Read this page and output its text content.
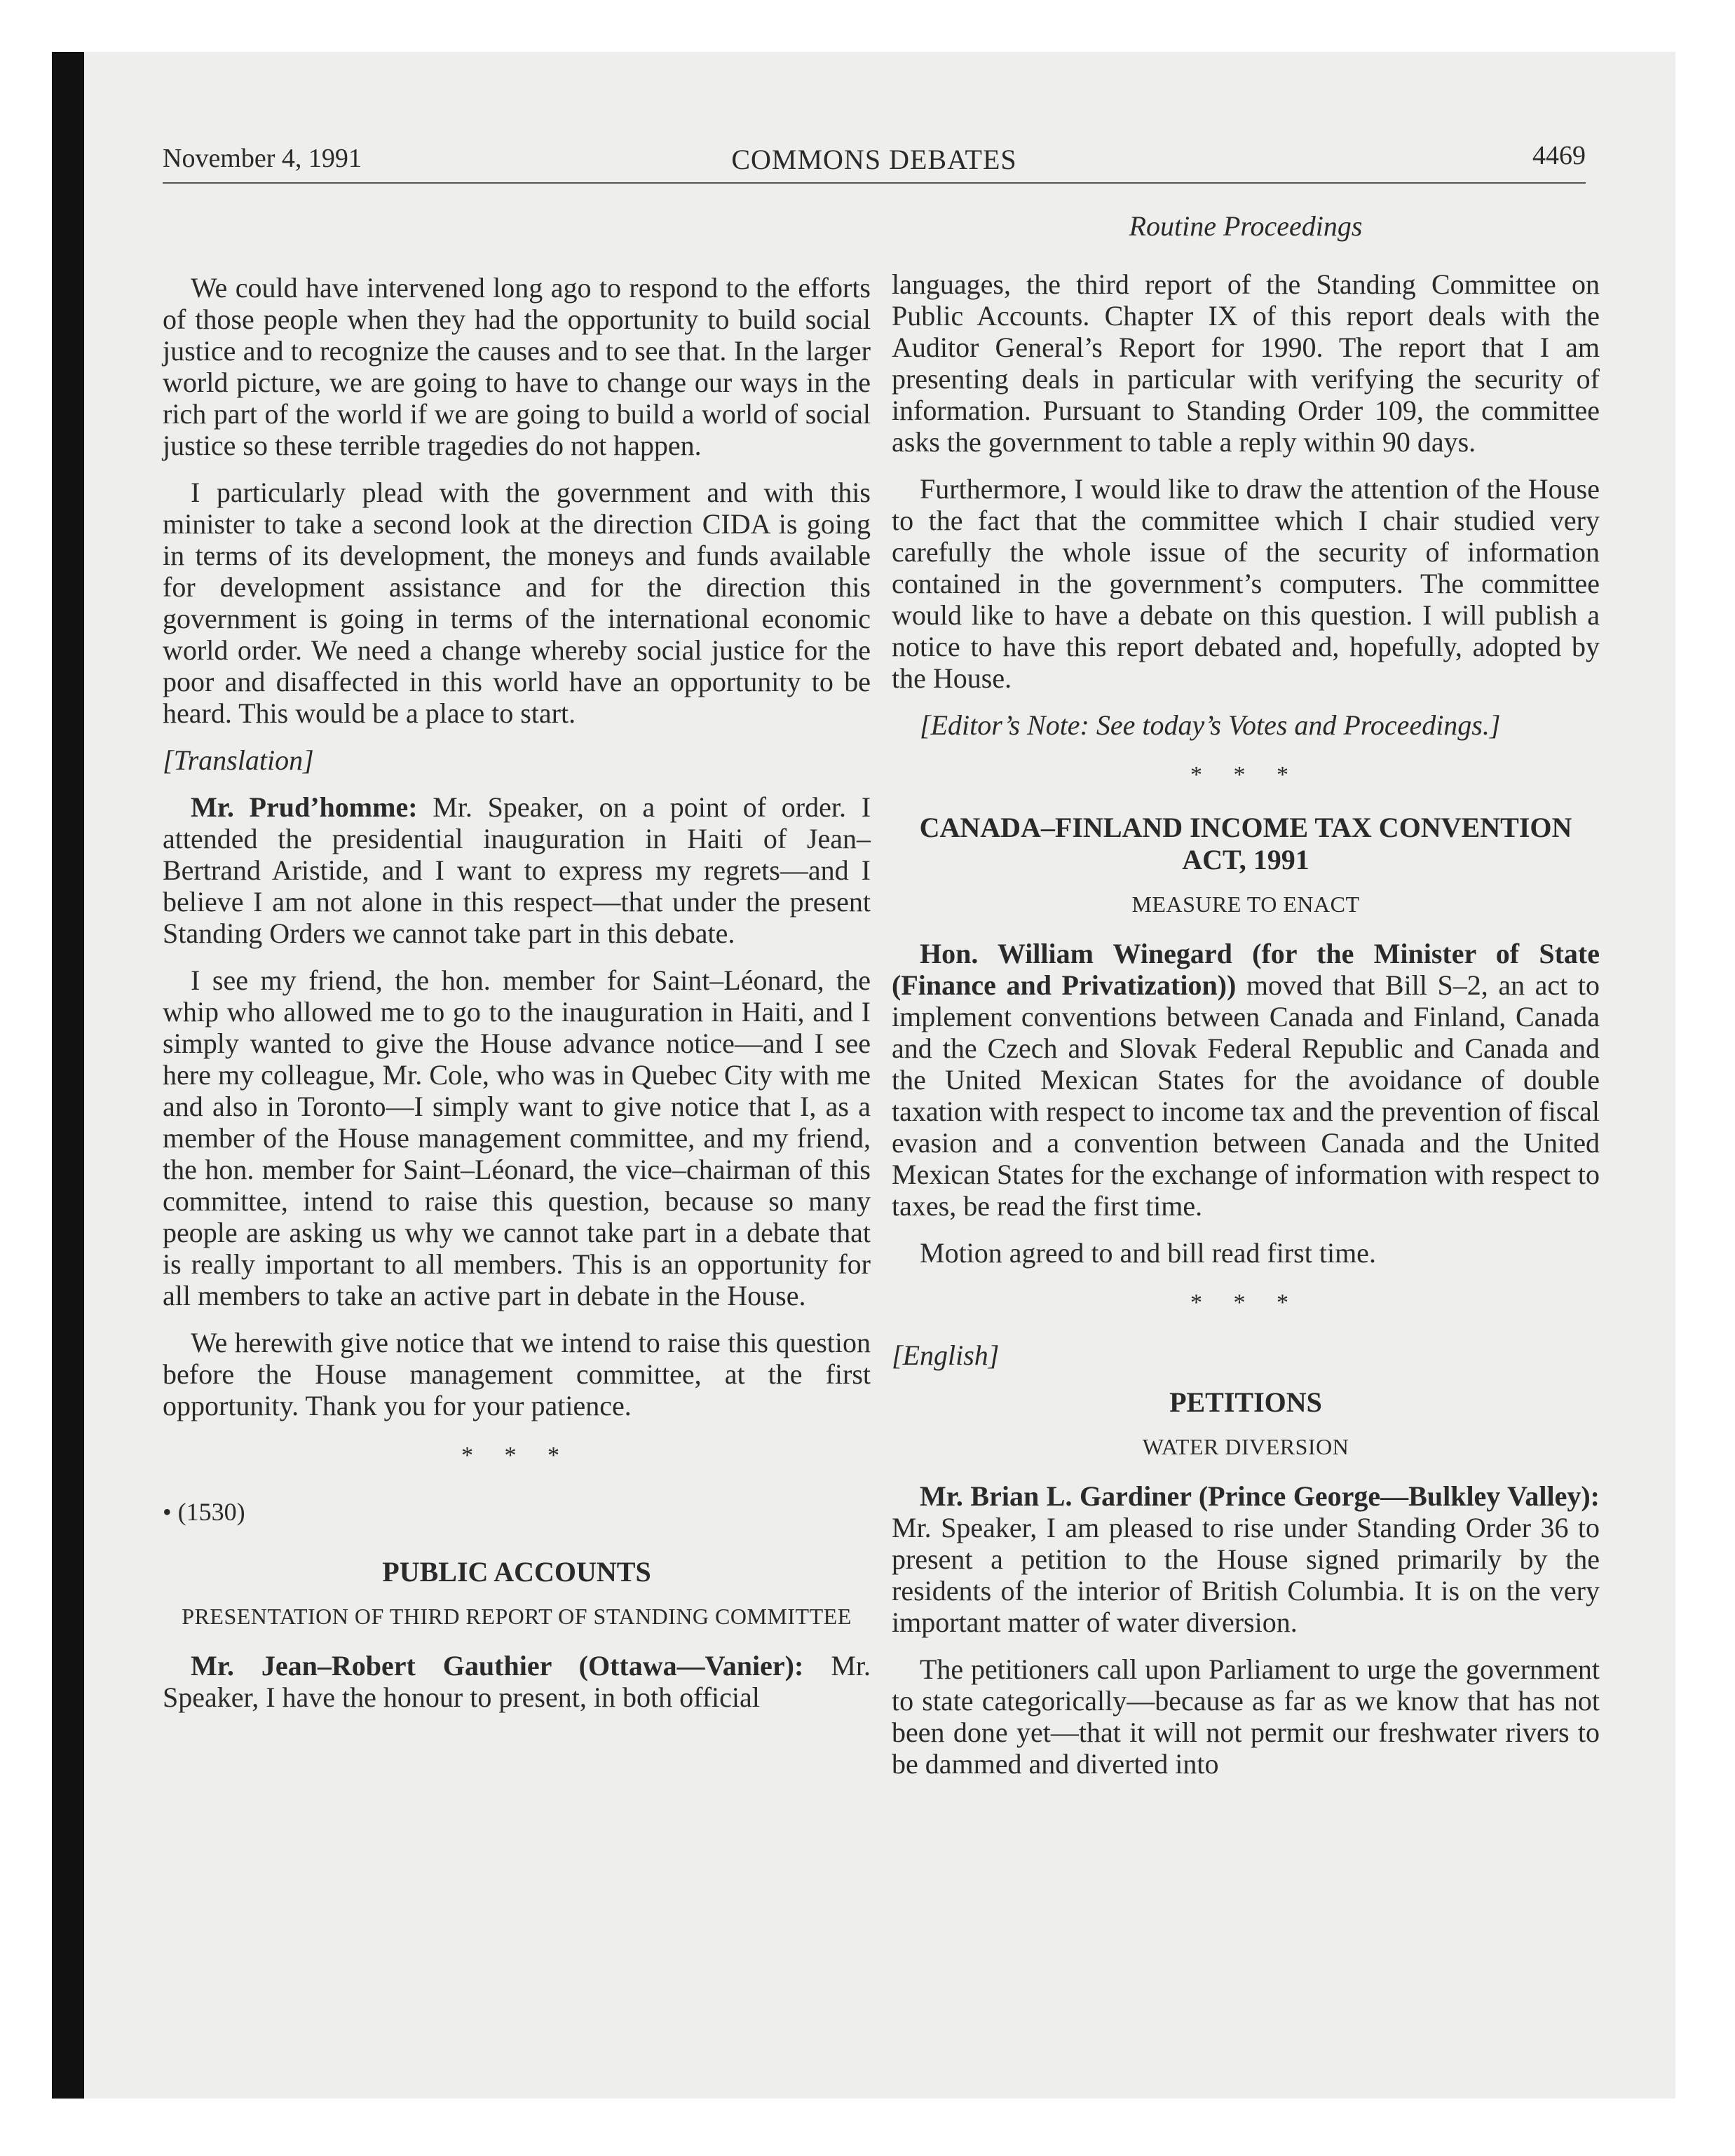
November 4, 1991	COMMONS DEBATES	4469

We could have intervened long ago to respond to the efforts of those people when they had the opportunity to build social justice and to recognize the causes and to see that. In the larger world picture, we are going to have to change our ways in the rich part of the world if we are going to build a world of social justice so these terrible tragedies do not happen.

I particularly plead with the government and with this minister to take a second look at the direction CIDA is going in terms of its development, the moneys and funds available for development assistance and for the direction this government is going in terms of the international economic world order. We need a change whereby social justice for the poor and disaffected in this world have an opportunity to be heard. This would be a place to start.

[Translation]

Mr. Prud’homme: Mr. Speaker, on a point of order. I attended the presidential inauguration in Haiti of Jean–Bertrand Aristide, and I want to express my regrets—and I believe I am not alone in this respect—that under the present Standing Orders we cannot take part in this debate.

I see my friend, the hon. member for Saint–Léonard, the whip who allowed me to go to the inauguration in Haiti, and I simply wanted to give the House advance notice—and I see here my colleague, Mr. Cole, who was in Quebec City with me and also in Toronto—I simply want to give notice that I, as a member of the House management committee, and my friend, the hon. member for Saint–Léonard, the vice–chairman of this committee, intend to raise this question, because so many people are asking us why we cannot take part in a debate that is really important to all members. This is an opportunity for all members to take an active part in debate in the House.

We herewith give notice that we intend to raise this question before the House management committee, at the first opportunity. Thank you for your patience.

* * *
• (1530)
PUBLIC ACCOUNTS
PRESENTATION OF THIRD REPORT OF STANDING COMMITTEE

Mr. Jean–Robert Gauthier (Ottawa—Vanier): Mr. Speaker, I have the honour to present, in both official

Routine Proceedings

languages, the third report of the Standing Committee on Public Accounts. Chapter IX of this report deals with the Auditor General’s Report for 1990. The report that I am presenting deals in particular with verifying the security of information. Pursuant to Standing Order 109, the committee asks the government to table a reply within 90 days.

Furthermore, I would like to draw the attention of the House to the fact that the committee which I chair studied very carefully the whole issue of the security of information contained in the government’s computers. The committee would like to have a debate on this question. I will publish a notice to have this report debated and, hopefully, adopted by the House.

[Editor’s Note: See today’s Votes and Proceedings.]

* * *
CANADA–FINLAND INCOME TAX CONVENTION ACT, 1991
MEASURE TO ENACT

Hon. William Winegard (for the Minister of State (Finance and Privatization)) moved that Bill S–2, an act to implement conventions between Canada and Finland, Canada and the Czech and Slovak Federal Republic and Canada and the United Mexican States for the avoidance of double taxation with respect to income tax and the prevention of fiscal evasion and a convention between Canada and the United Mexican States for the exchange of information with respect to taxes, be read the first time.

Motion agreed to and bill read first time.

* * *

[English]

PETITIONS
WATER DIVERSION

Mr. Brian L. Gardiner (Prince George—Bulkley Valley): Mr. Speaker, I am pleased to rise under Standing Order 36 to present a petition to the House signed primarily by the residents of the interior of British Columbia. It is on the very important matter of water diversion.

The petitioners call upon Parliament to urge the government to state categorically—because as far as we know that has not been done yet—that it will not permit our freshwater rivers to be dammed and diverted into
